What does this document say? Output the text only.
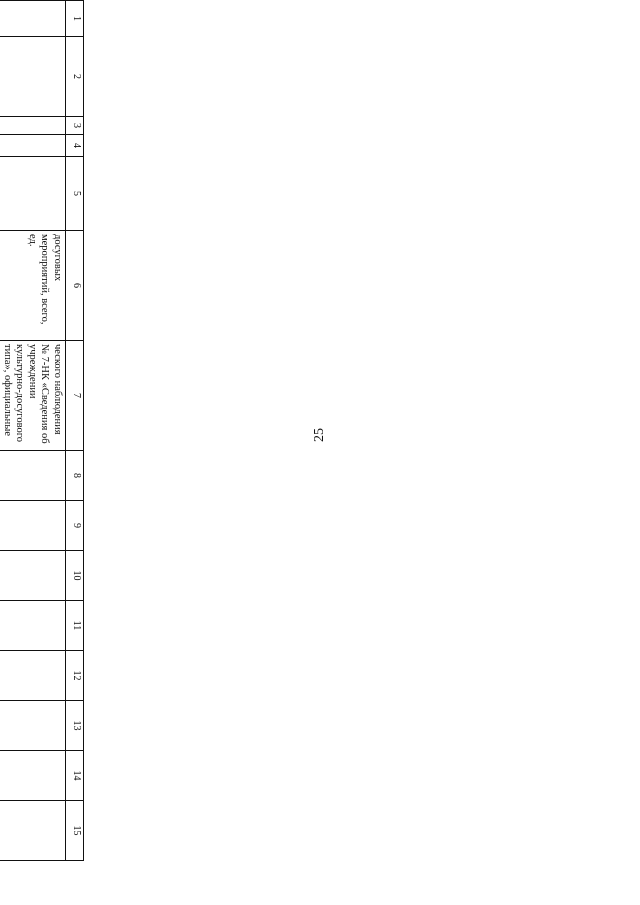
25
1	2	3	4	5	6	7	8	9	10	11	12	13	14	15
					досуговых мероприятий, всего, ед.	ческого наблюдения № 7-НК «Сведения об учреждении культурно-досугового типа», официальные								
